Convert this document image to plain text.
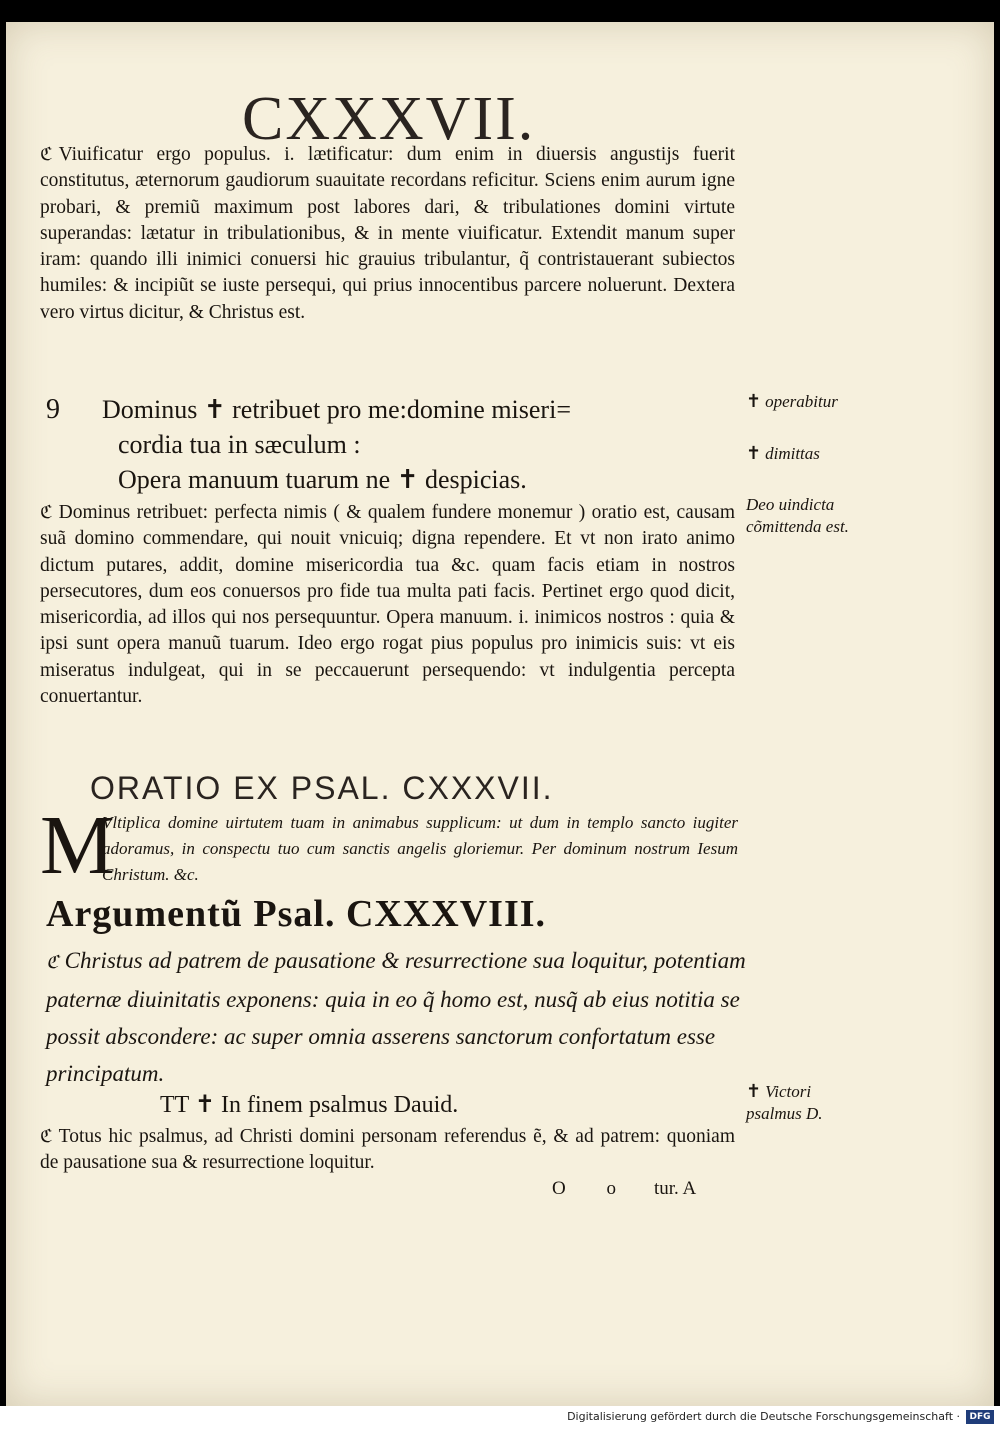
CXXXVII.

ℭ Viuificatur ergo populus. i. lætificatur: dum enim in diuersis angustijs fuerit constitutus, æternorum gaudiorum suauitate recordans reficitur. Sciens enim aurum igne probari, & premiũ maximum post labores dari, & tribulationes domini virtute superandas: lætatur in tribulationibus, & in mente viuificatur. Extendit manum super iram: quando illi inimici conuersi hic grauius tribulantur, q̃ contristauerant subiectos humiles: & incipiũt se iuste persequi, qui prius innocentibus parcere noluerunt. Dextera vero virtus dicitur, & Christus est.

9	Dominus ✝ retribuet pro me:domine miseri=

cordia tua in sæculum :

Opera manuum tuarum ne ✝ despicias.

ℭ Dominus retribuet: perfecta nimis ( & qualem fundere monemur ) oratio est, causam suã domino commendare, qui nouit vnicuiq; digna rependere. Et vt non irato animo dictum putares, addit, domine misericordia tua &c. quam facis etiam in nostros persecutores, dum eos conuersos pro fide tua multa pati facis. Pertinet ergo quod dicit, misericordia, ad illos qui nos persequuntur. Opera manuum. i. inimicos nostros : quia & ipsi sunt opera manuũ tuarum. Ideo ergo rogat pius populus pro inimicis suis: vt eis miseratus indulgeat, qui in se peccauerunt persequendo: vt indulgentia percepta conuertantur.

ORATIO EX PSAL. CXXXVII.
M
Vltiplica domine uirtutem tuam in animabus supplicum: ut dum in templo sancto iugiter adoramus, in conspectu tuo cum sanctis angelis gloriemur. Per dominum nostrum Iesum Christum. &c.
Argumentũ Psal. CXXXVIII.

ℭ Christus ad patrem de pausatione & resurrectione sua loquitur, potentiam paternæ diuinitatis exponens: quia in eo q̃ homo est, nusq̃ ab eius notitia se possit abscondere: ac super omnia asserens sanctorum confortatum esse principatum.

TT ✝ In finem psalmus Dauid.

ℭ Totus hic psalmus, ad Christi domini personam referendus ẽ, & ad patrem: quoniam de pausatione sua & resurrectione loquitur.

O o tur. A
✝ operabitur
✝ dimittas
Deo uindicta
cõmittenda est.
✝ Victori
psalmus D.
Digitalisierung gefördert durch die Deutsche Forschungsgemeinschaft ·	DFG
